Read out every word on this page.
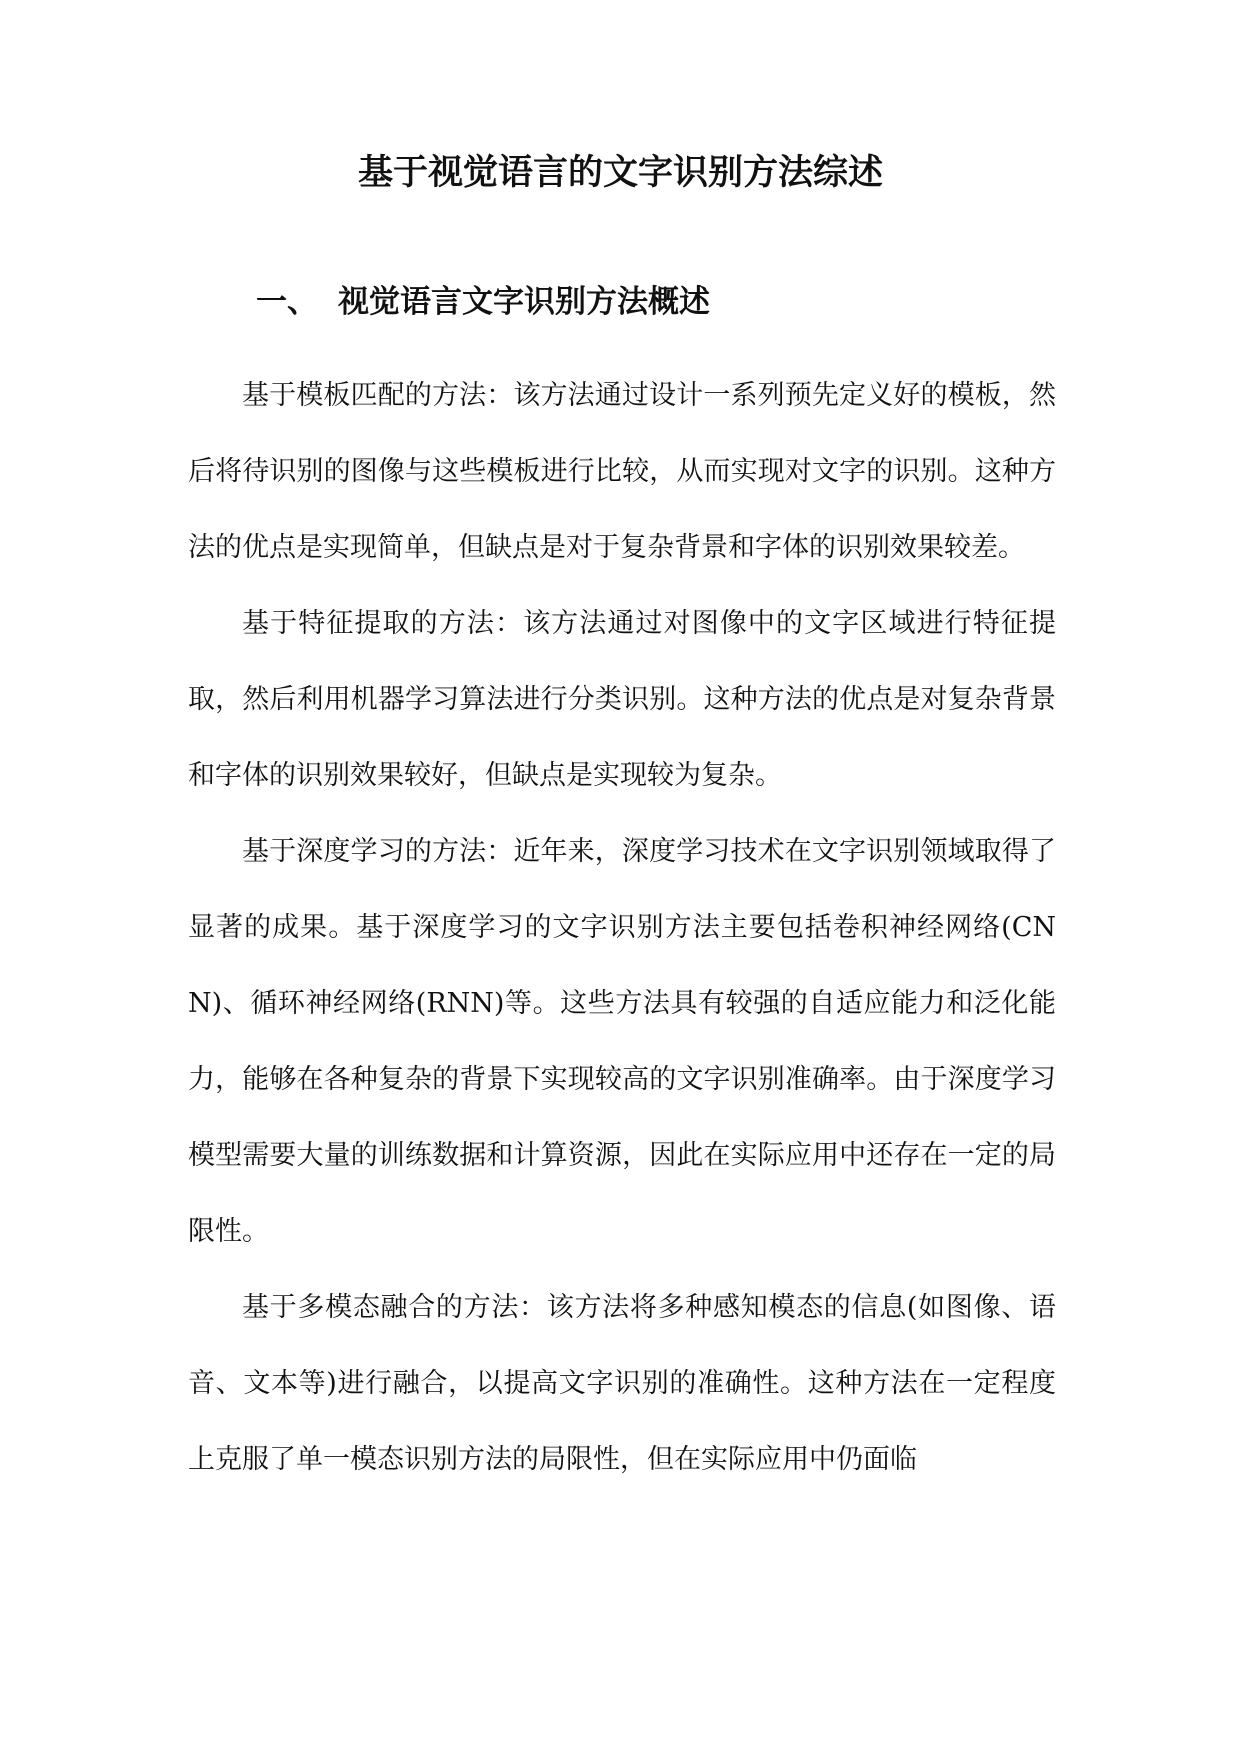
基于视觉语言的文字识别方法综述
一、 视觉语言文字识别方法概述

基于模板匹配的方法：该方法通过设计一系列预先定义好的模板，然后将待识别的图像与这些模板进行比较，从而实现对文字的识别。这种方法的优点是实现简单，但缺点是对于复杂背景和字体的识别效果较差。

基于特征提取的方法：该方法通过对图像中的文字区域进行特征提取，然后利用机器学习算法进行分类识别。这种方法的优点是对复杂背景和字体的识别效果较好，但缺点是实现较为复杂。

基于深度学习的方法：近年来，深度学习技术在文字识别领域取得了显著的成果。基于深度学习的文字识别方法主要包括卷积神经网络(CNN)、循环神经网络(RNN)等。这些方法具有较强的自适应能力和泛化能力，能够在各种复杂的背景下实现较高的文字识别准确率。由于深度学习模型需要大量的训练数据和计算资源，因此在实际应用中还存在一定的局限性。

基于多模态融合的方法：该方法将多种感知模态的信息(如图像、语音、文本等)进行融合，以提高文字识别的准确性。这种方法在一定程度上克服了单一模态识别方法的局限性，但在实际应用中仍面临
